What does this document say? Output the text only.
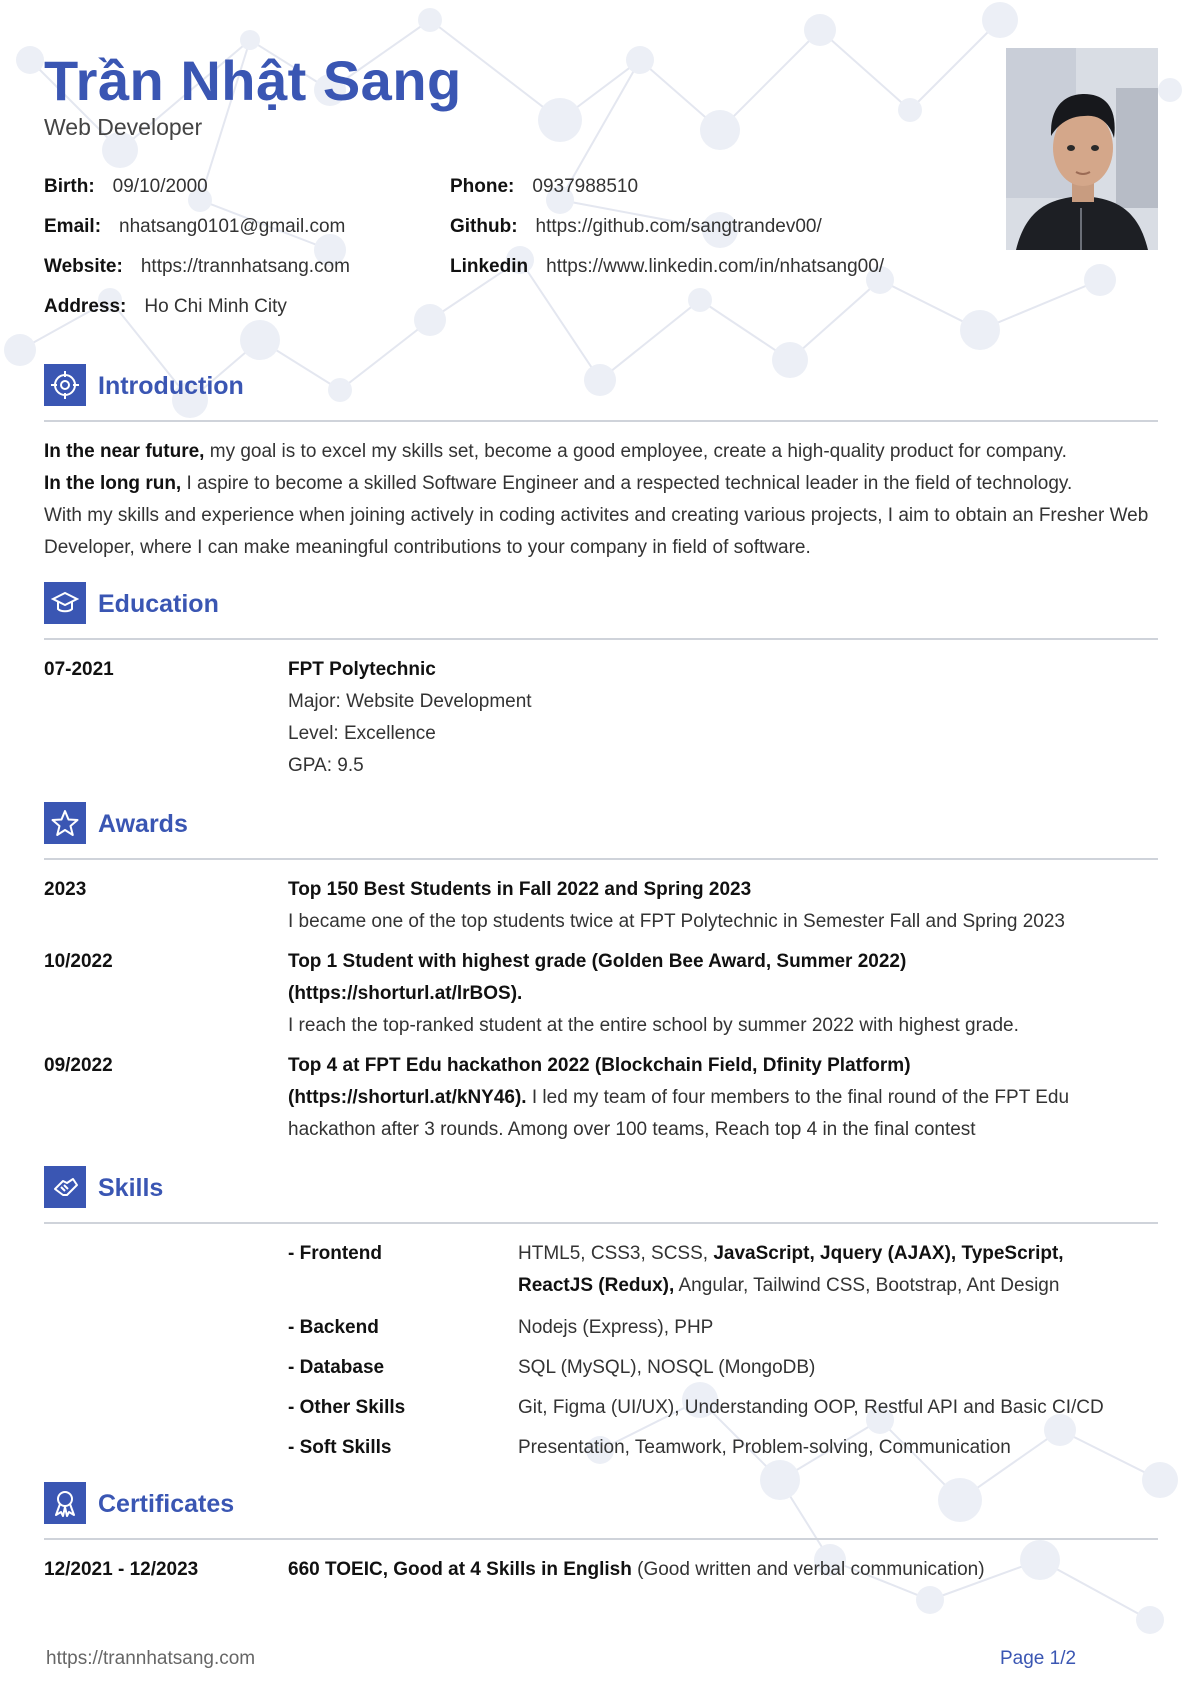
Trần Nhật Sang
Web Developer
Birth: 09/10/2000	Phone: 0937988510
Email: nhatsang0101@gmail.com	Github: https://github.com/sangtrandev00/
Website: https://trannhatsang.com	Linkedin https://www.linkedin.com/in/nhatsang00/
Address: Ho Chi Minh City
Introduction

In the near future, my goal is to excel my skills set, become a good employee, create a high-quality product for company.

In the long run, I aspire to become a skilled Software Engineer and a respected technical leader in the field of technology.

With my skills and experience when joining actively in coding activites and creating various projects, I aim to obtain an Fresher Web Developer, where I can make meaningful contributions to your company in field of software.

Education
07-2021	FPT Polytechnic
Major: Website Development
Level: Excellence
GPA: 9.5
Awards
2023	Top 150 Best Students in Fall 2022 and Spring 2023
I became one of the top students twice at FPT Polytechnic in Semester Fall and Spring 2023
10/2022	Top 1 Student with highest grade (Golden Bee Award, Summer 2022)
(https://shorturl.at/lrBOS).
I reach the top-ranked student at the entire school by summer 2022 with highest grade.
09/2022	Top 4 at FPT Edu hackathon 2022 (Blockchain Field, Dfinity Platform)
(https://shorturl.at/kNY46). I led my team of four members to the final round of the FPT Edu
hackathon after 3 rounds. Among over 100 teams, Reach top 4 in the final contest
Skills
- Frontend	HTML5, CSS3, SCSS, JavaScript, Jquery (AJAX), TypeScript,
ReactJS (Redux), Angular, Tailwind CSS, Bootstrap, Ant Design
- Backend	Nodejs (Express), PHP
- Database	SQL (MySQL), NOSQL (MongoDB)
- Other Skills	Git, Figma (UI/UX), Understanding OOP, Restful API and Basic CI/CD
- Soft Skills	Presentation, Teamwork, Problem-solving, Communication
Certificates
12/2021 - 12/2023	660 TOEIC, Good at 4 Skills in English (Good written and verbal communication)
https://trannhatsang.com	Page 1/2
